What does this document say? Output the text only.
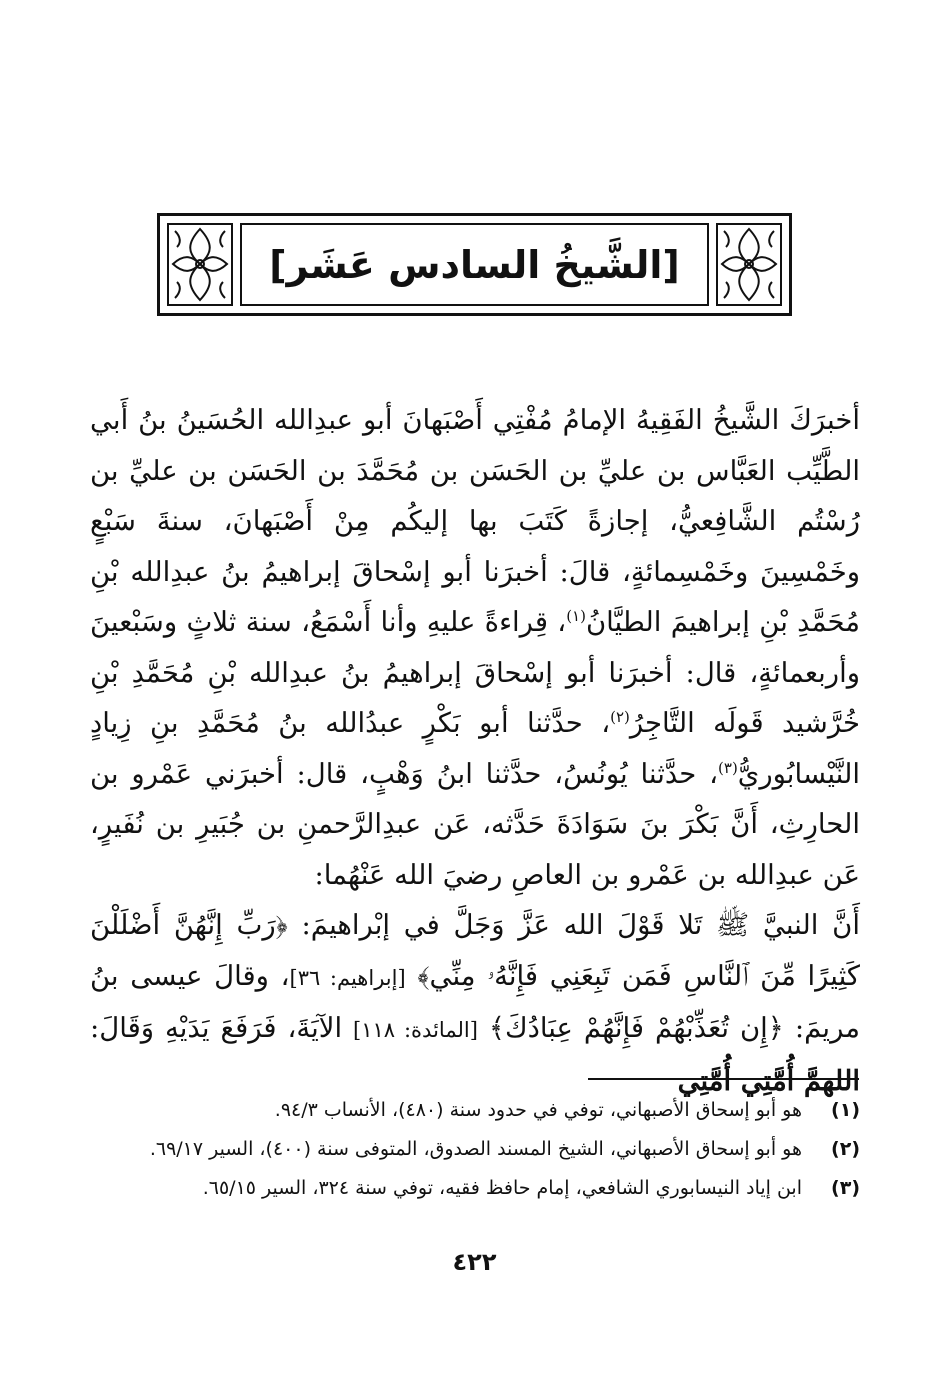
[الشَّيخُ السادس عَشَر]
أخبرَكَ الشَّيخُ الفَقِيهُ الإمامُ مُفْتِي أَصْبَهانَ أبو عبدِالله الحُسَينُ بنُ أَبي الطَّيِّب العَبَّاس بن عليِّ بن الحَسَن بن مُحَمَّدَ بن الحَسَن بن عليِّ بن رُسْتُم الشَّافِعيُّ، إجازةً كَتَبَ بها إليكُم مِنْ أَصْبَهانَ، سنةَ سَبْعٍ وخَمْسِينَ وخَمْسِمائةٍ، قالَ: أخبرَنا أبو إسْحاقَ إبراهيمُ بنُ عبدِالله بْنِ مُحَمَّدِ بْنِ إبراهيمَ الطيَّانُ$^{(١)}$، قِراءةً عليهِ وأنا أَسْمَعُ، سنة ثلاثٍ وسَبْعينَ وأربعمائةٍ، قال: أخبرَنا أبو إسْحاقَ إبراهيمُ بنُ عبدِالله بْنِ مُحَمَّدِ بْنِ خُرَّشيد قَولَه التَّاجِرُ$^{(٢)}$، حدَّثنا أبو بَكْرٍ عبدُالله بنُ مُحَمَّدِ بنِ زِيادٍ النَّيْسابُوريُّ$^{(٣)}$، حدَّثنا يُونُسُ، حدَّثنا ابنُ وَهْبٍ، قال: أخبرَني عَمْرو بن الحارِثِ، أَنَّ بَكْرَ بنَ سَوَادَةَ حَدَّثه، عَن عبدِالرَّحمنِ بن جُبَيرِ بن نُفَيرٍ، عَن عبدِالله بن عَمْرو بن العاصِ رضيَ الله عَنْهُما:
أَنَّ النبيَّ ﷺ تَلا قَوْلَ الله عَزَّ وَجَلَّ في إبْراهيمَ: ﴿رَبِّ إِنَّهُنَّ أَضْلَلْنَ كَثِيرًا مِّنَ ٱلنَّاسِ فَمَن تَبِعَنِي فَإِنَّهُۥ مِنِّي﴾ [إبراهيم: ٣٦]، وقالَ عيسى بنُ مريمَ: ﴿إِن تُعَذِّبْهُمْ فَإِنَّهُمْ عِبَادُكَ﴾ [المائدة: ١١٨] الآيَةَ، فَرَفَعَ يَدَيْهِ وَقَالَ: اللهمَّ أُمَّتِي أُمَّتِي
(١)
هو أبو إسحاق الأصبهاني، توفي في حدود سنة (٤٨٠)، الأنساب ٩٤/٣.
(٢)
هو أبو إسحاق الأصبهاني، الشيخ المسند الصدوق، المتوفى سنة (٤٠٠)، السير ٦٩/١٧.
(٣)
ابن إياد النيسابوري الشافعي، إمام حافظ فقيه، توفي سنة ٣٢٤، السير ٦٥/١٥.
٤٢٢
